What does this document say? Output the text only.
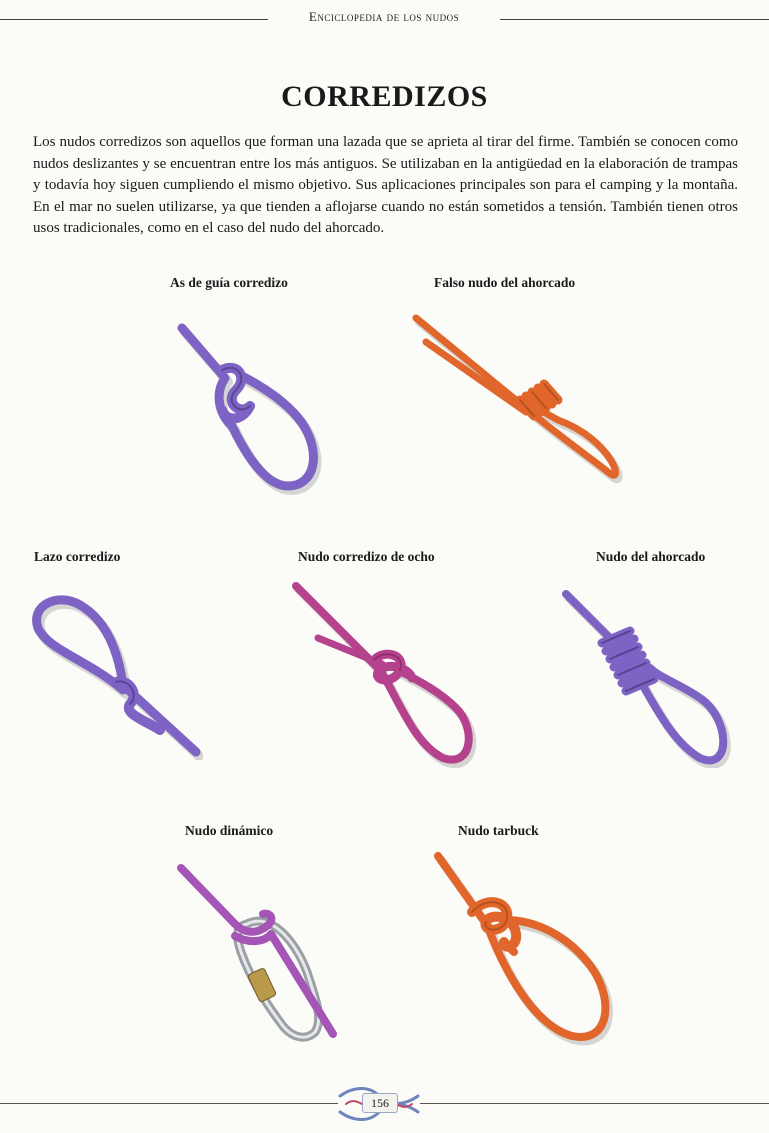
Enciclopedia de los nudos
CORREDIZOS

Los nudos corredizos son aquellos que forman una lazada que se aprieta al tirar del firme. También se conocen como nudos deslizantes y se encuentran entre los más antiguos. Se utilizaban en la antigüedad en la elaboración de trampas y todavía hoy siguen cumpliendo el mismo objetivo. Sus aplicaciones principales son para el camping y la montaña. En el mar no suelen utilizarse, ya que tienden a aflojarse cuando no están sometidos a tensión. También tienen otros usos tradicionales, como en el caso del nudo del ahorcado.

As de guía corredizo	Falso nudo del ahorcado
Lazo corredizo	Nudo corredizo de ocho	Nudo del ahorcado
Nudo dinámico	Nudo tarbuck
156
